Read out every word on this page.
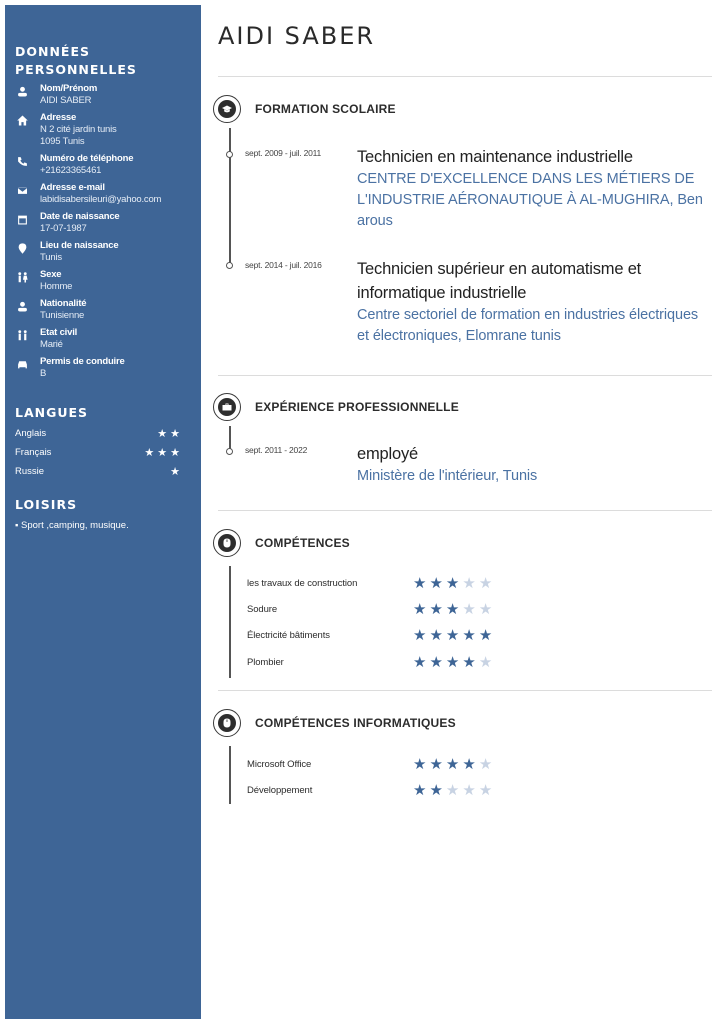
DONNÉES
PERSONNELLES
Nom/Prénom
AIDI SABER
Adresse
N 2 cité jardin tunis
1095 Tunis
Numéro de téléphone
+21623365461
Adresse e-mail
labidisabersileuri@yahoo.com
Date de naissance
17-07-1987
Lieu de naissance
Tunis
Sexe
Homme
Nationalité
Tunisienne
Etat civil
Marié
Permis de conduire
B
LANGUES
Anglais	★★
Français	★★★
Russie	★
LOISIRS
▪ Sport ,camping, musique.
AIDI SABER
FORMATION SCOLAIRE
sept. 2009 - juil. 2011	Technicien en maintenance industrielle
CENTRE D'EXCELLENCE DANS LES MÉTIERS DE L'INDUSTRIE AÉRONAUTIQUE À AL-MUGHIRA, Ben arous
sept. 2014 - juil. 2016	Technicien supérieur en automatisme et informatique industrielle
Centre sectoriel de formation en industries électriques et électroniques, Elomrane tunis
EXPÉRIENCE PROFESSIONNELLE
sept. 2011 - 2022	employé
Ministère de l'intérieur, Tunis
COMPÉTENCES
les travaux de construction	★★★★★
Sodure	★★★★★
Électricité bâtiments	★★★★★
Plombier	★★★★★
COMPÉTENCES INFORMATIQUES
Microsoft Office	★★★★★
Développement	★★★★★
